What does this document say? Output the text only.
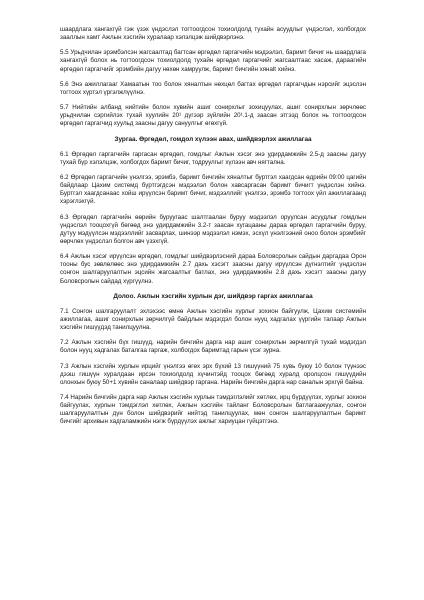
шаардлага хангахгүй гэж үзэх үндэслэл тогтоогдсон тохиолдолд тухайн асуудлыг үндэслэл, холбогдох зааллын хамт Ажлын хэсгийн хуралаар хэлэлцэж шийдвэрлэнэ.

5.5 Урьдчилан эрэмбэлсэн жагсаалтад багтсан өргөдөл гаргагчийн мэдээлэл, баримт бичиг нь шаардлага хангахгүй болох нь тогтоогдсон тохиолдолд тухайн өргөдөл гаргагчийг жагсаалтаас хасаж, дараагийн өргөдөл гаргагчийг эрэмбийн дагуу нөхөн хамруулж, баримт бичгийн хянalt хийнэ.

5.6 Энэ ажиллагааг Хамаатын тоо болон хянaлтын нөхцөл багтах өргөдөл гаргагчдын нэрсийг эцэслэн тогтоох хүртэл үргэлжлүүлнэ.

5.7 Нийтийн албанд нийтийн болон хувийн ашиг сонирхлыг зохицуулах, ашиг сонирхлын зөрчлөөс урьдчилан сэргийлэх тухай хуулийн 20¹ дүгээр зүйлийн 20¹.1-д заасан этгээд болох нь тогтоогдсон өргөдөл гаргагчид хуульд заасны дагуу сануулгыг өгөхгүй.

Зургаа. Өргөдөл, гомдол хүлээн авах, шийдвэрлэх ажиллагаа

6.1 Өргөдөл гаргагчийн гаргасан өргөдөл, гомдлыг Ажлын хэсэг энэ удирдамжийн 2.5-д заасны дагуу тухай бүр хэлэлцэж, холбогдох баримт бичиг, тодруулгыг хүлээн авч нягтална.

6.2 Өргөдөл гаргагчийн үнэлгээ, эрэмбэ, баримт бичгийн хянaлтыг буртгэл хаагдсан өдрийн 09:00 цагийн байдлаар Цахим системд бүртгэгдсэн мэдээлэл болон хавсаргасан баримт бичигт үндэслэн хийнэ. Буртгэл хаагдсанаас хойш ирүүлсэн баримт бичиг, мэдээллийг үнэлгээ, эрэмбэ тогтоох үйл ажиллагаанд хэрэглэхгүй.

6.3 Өргөдөл гаргагчийн өөрийн буруугаас шалтгаалан буруу мэдээлэл оруулсан асуудлыг гомдлын үндэслэл тооцохгүй бөгөөд энэ удирдамжийн 3.2-т заасан хугацааны дараа өргөдөл гаргагчийн буруу, дутуу мэдүүлсэн мэдээллийг засварлах, шинээр мэдээлэл нэмэх, эсхүл үнэлгээний оноо болон эрэмбийг өөрчлөх үндэслэл болгон авч үзэхгүй.

6.4 Ажлын хэсэг ирүүлсэн өргөдөл, гомдлыг шийдвэрлэсний дараа Боловсролын сайдын даргадаа Орон тооны бус зөвлөлөөс энэ удирдамжийн 2.7 дахь хэсэгт заасны дагуу ирүүлсэн дүгнэлтийг үндэслэн сонгон шалгаруулалтын эцсийн жагсаалтыг батлах, энэ удирдамжийн 2.8 дахь хэсэгт заасны дагуу Боловсролын сайдад хүргүүлнэ.

Долоо. Ажлын хэсгийн хурлын дэг, шийдвэр гаргах ажиллагаа

7.1 Сонгон шалгаруулалт эхлэхээс өмнө Ажлын хэсгийн хурлыг зохион байгуулж, Цахим системийн ажиллагаа, ашиг сонирхлын зөрчилгүй байдлын мэдэгдэл болон нууц хадгалах үүргийн талаар Ажлын хэсгийн гишүүдэд танилцуулна.

7.2 Ажлын хэсгийн бүх гишүүд, нарийн бичгийн дарга нар ашиг сонирхлын зөрчилгүй тухай мэдэгдэл болон нууц хадгалах баталгаа гаргаж, холбогдох баримтад гарын үсэг зурна.

7.3 Ажлын хэсгийн хурлын ирцийг үнэлгээ өгөх эрх бүхий 13 гишүүний 75 хувь буюу 10 болон түүнээс дээш гишүүн хуралдаан ирсэн тохиолдолд хүчинтэйд тооцох бөгөөд хуралд оролцсон гишүүдийн олонхын буюу 50+1 хувийн саналаар шийдвэр гаргана. Нарийн бичгийн дарга нар саналын эрхгүй байна.

7.4 Нарийн бичгийн дарга нар Ажлын хэсгийн хурлын тэмдэглэлийг хөтлөх, ирц бүрдүүлэх, хурлыг зохион байгуулах, хурлын тэмдэглэл хөтлөх, Ажлын хэсгийн тайланг Боловсролын батлагаажуулах, сонгон шалгаруулалтын дүн болон шийдвэрийг нийтэд танилцуулах, мөн сонгон шалгаруулалтын баримт бичгийг архивын хадгаламжийн нэгж бүрдүүлэх ажлыг хариуцан гүйцэтгэнэ.
